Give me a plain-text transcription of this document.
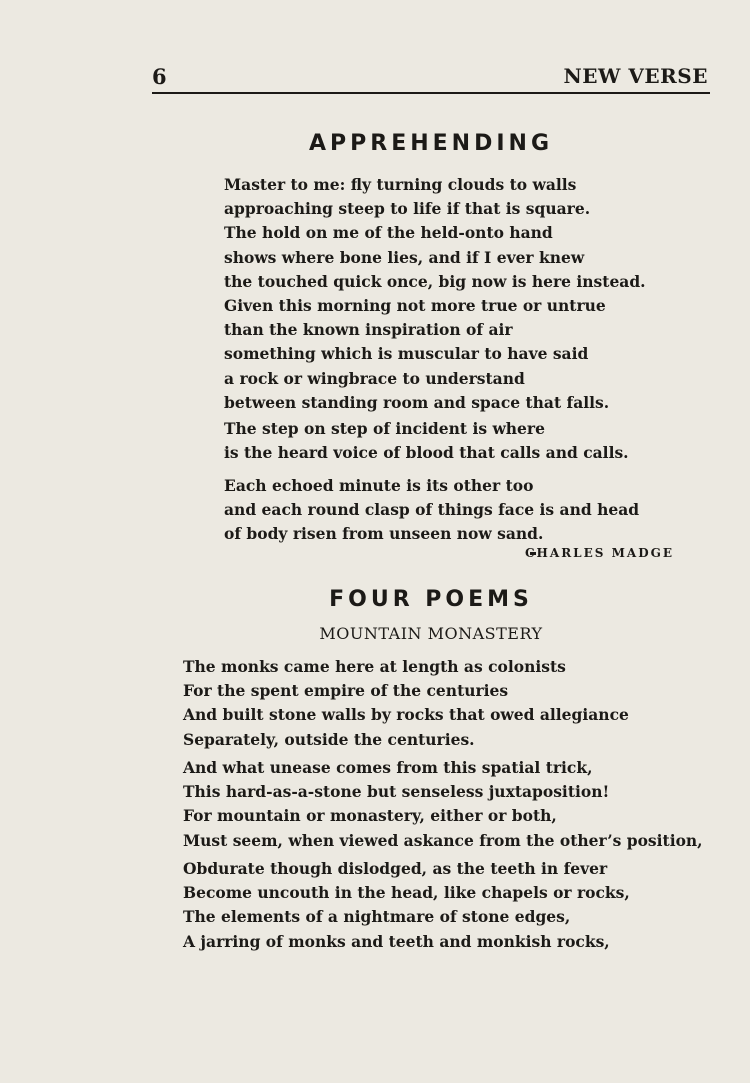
6	NEW VERSE
APPREHENDING
Master to me: fly turning clouds to walls
approaching steep to life if that is square.
The hold on me of the held-onto hand
shows where bone lies, and if I ever knew
the touched quick once, big now is here instead.
Given this morning not more true or untrue
than the known inspiration of air
something which is muscular to have said
a rock or wingbrace to understand
between standing room and space that falls.
The step on step of incident is where
is the heard voice of blood that calls and calls.
Each echoed minute is its other too
and each round clasp of things face is and head
of body risen from unseen now sand.
CHARLES MADGE
FOUR POEMS
MOUNTAIN MONASTERY
The monks came here at length as colonists
For the spent empire of the centuries
And built stone walls by rocks that owed allegiance
Separately, outside the centuries.
And what unease comes from this spatial trick,
This hard-as-a-stone but senseless juxtaposition!
For mountain or monastery, either or both,
Must seem, when viewed askance from the other’s position,
Obdurate though dislodged, as the teeth in fever
Become uncouth in the head, like chapels or rocks,
The elements of a nightmare of stone edges,
A jarring of monks and teeth and monkish rocks,
